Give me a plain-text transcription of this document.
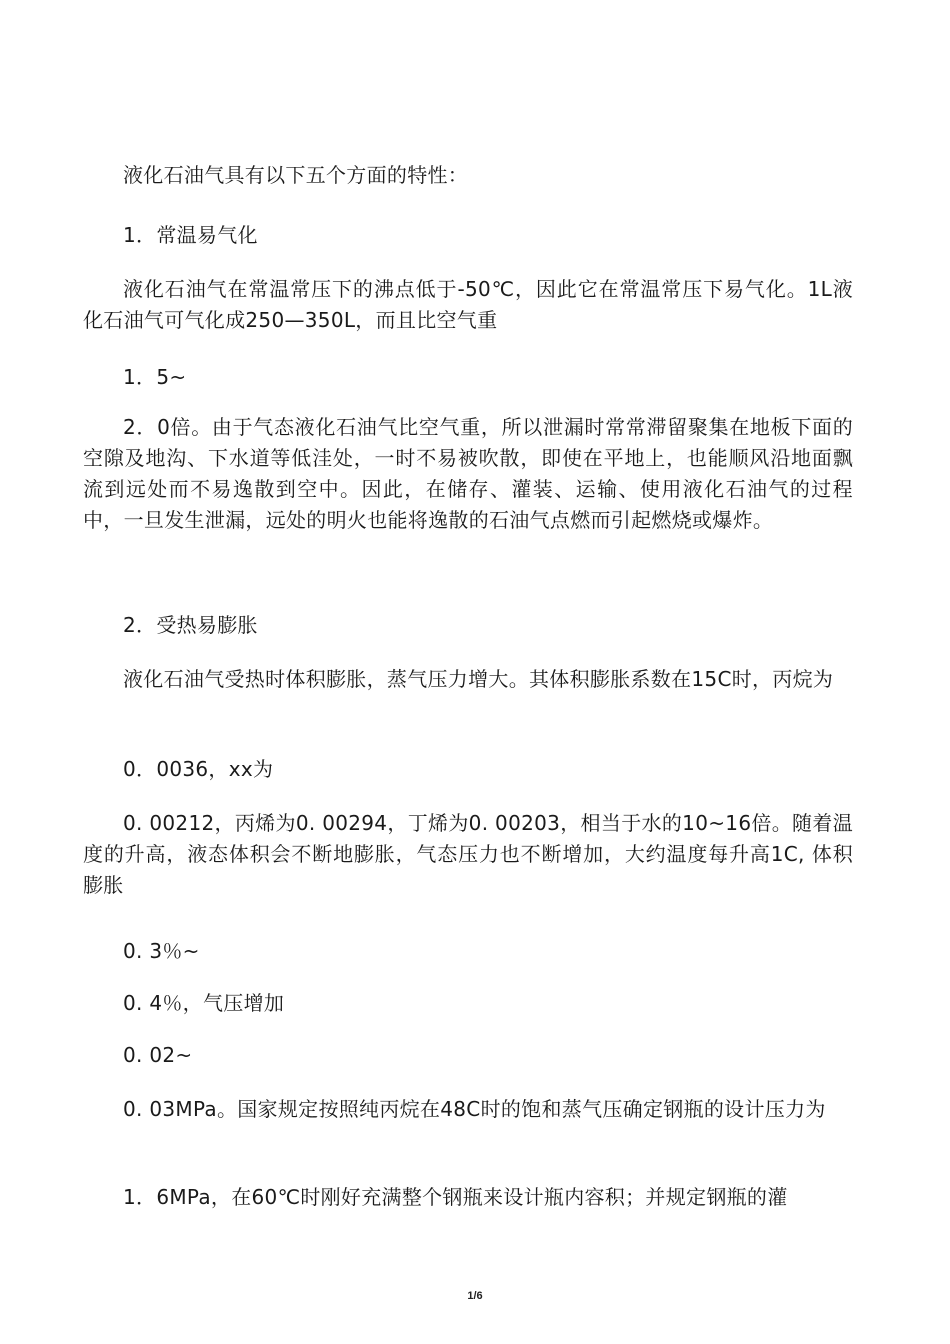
液化石油气具有以下五个方面的特性：

1．常温易气化

液化石油气在常温常压下的沸点低于-50℃，因此它在常温常压下易气化。1L液化石油气可气化成250—350L，而且比空气重

1．5~

2．0倍。由于气态液化石油气比空气重，所以泄漏时常常滞留聚集在地板下面的空隙及地沟、下水道等低洼处，一时不易被吹散，即使在平地上，也能顺风沿地面飘流到远处而不易逸散到空中。因此，在储存、灌装、运输、使用液化石油气的过程中，一旦发生泄漏，远处的明火也能将逸散的石油气点燃而引起燃烧或爆炸。

2．受热易膨胀

液化石油气受热时体积膨胀，蒸气压力增大。其体积膨胀系数在15C时，丙烷为

0．0036，xx为

0. 00212，丙烯为0. 00294，丁烯为0. 00203，相当于水的10~16倍。随着温度的升高，液态体积会不断地膨胀，气态压力也不断增加，大约温度每升高1C, 体积膨胀

0. 3％~

0. 4％，气压增加

0. 02~

0. 03MPa。国家规定按照纯丙烷在48C时的饱和蒸气压确定钢瓶的设计压力为

1．6MPa，在60℃时刚好充满整个钢瓶来设计瓶内容积；并规定钢瓶的灌

1/6
